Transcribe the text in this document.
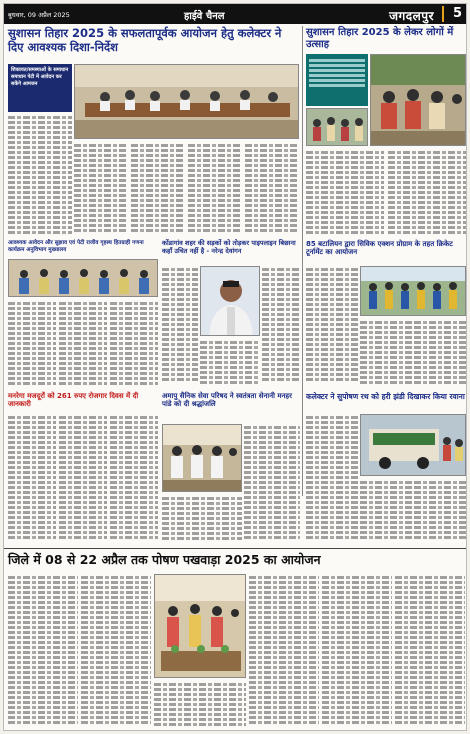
बुधवार, 09 अप्रैल 2025	हाईवे चैनल	जगदलपुर 5
सुशासन तिहार 2025 के सफलतापूर्वक आयोजन हेतु कलेक्टर ने दिए आवश्यक दिशा-निर्देश
शिकायत/समस्याओं के समाधान समाधान पेटी में आवेदन कर सकेंगे आमजन
सुशासन तिहार 2025 के लेकर लोगों में उत्साह
आवश्यक आवेदन और सुझाव एवं पेटी राजीव गृहस्थ हितग्राही गणना कार्यक्रम अनुविभाग मुख्यालय
कोंडागांव शहर की सड़कों को तोड़कर पाइपलाइन बिछाना कहाँ उचित नहीं है - नरेन्द्र देवांगन
85 बटालियन द्वारा सिविक एक्शन प्रोग्राम के तहत क्रिकेट टूर्नामेंट का आयोजन
मनरेगा मजदूरों को 261 रुपए रोजगार दिवस में दी जानकारी
अमापु सैनिक सेवा परिषद ने स्वतंत्रता सेनानी मनहर पांडे को दी श्रद्धांजलि
कलेक्टर ने सुपोषण रथ को हरी झंडी दिखाकर किया रवाना
जिले में 08 से 22 अप्रैल तक पोषण पखवाड़ा 2025 का आयोजन
